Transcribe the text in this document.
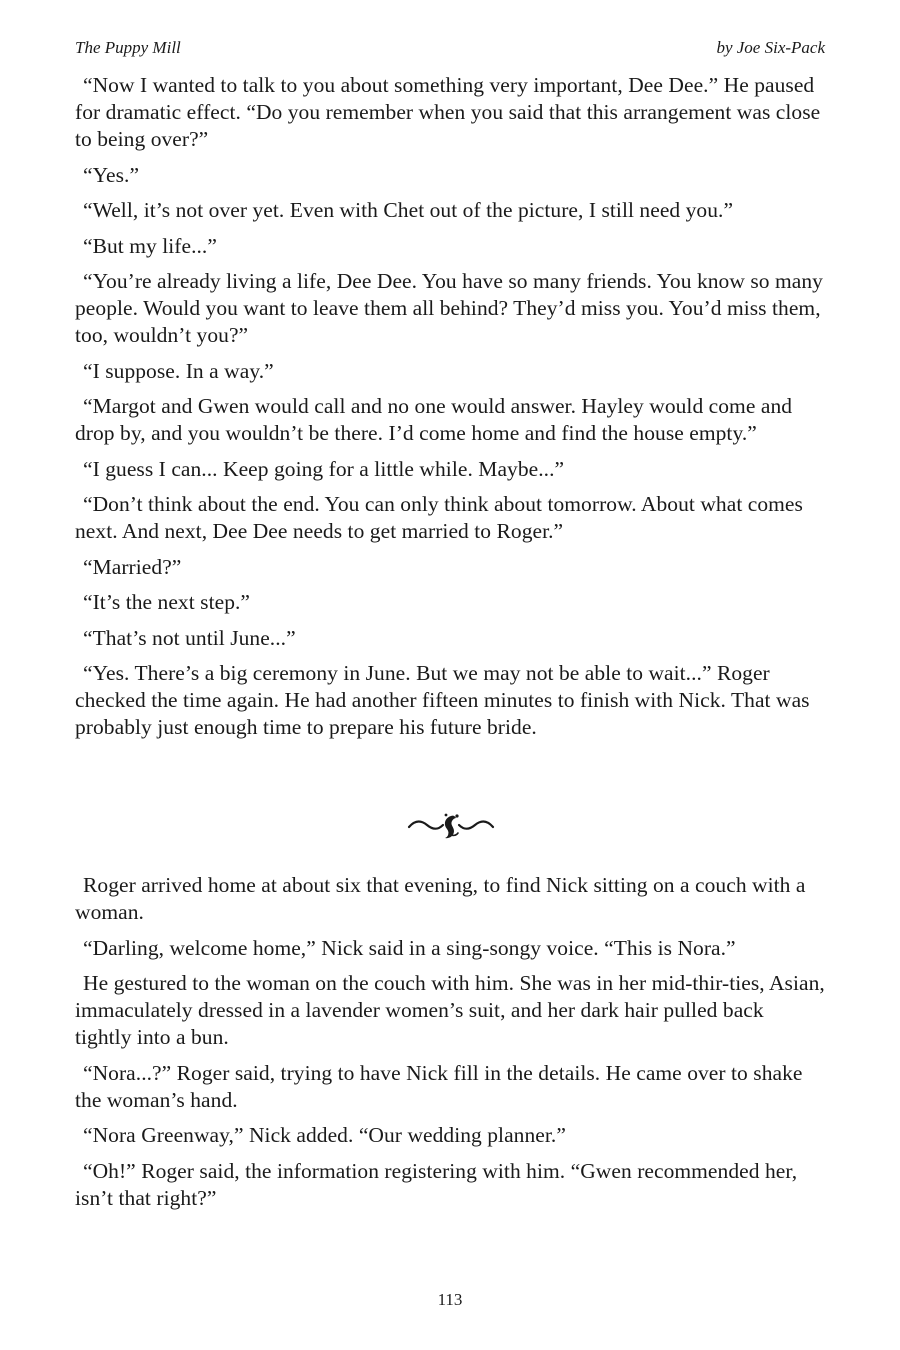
The Puppy Mill	by Joe Six-Pack

“Now I wanted to talk to you about something very important, Dee Dee.” He paused for dramatic effect. “Do you remember when you said that this arrangement was close to being over?”

“Yes.”

“Well, it’s not over yet. Even with Chet out of the picture, I still need you.”

“But my life...”

“You’re already living a life, Dee Dee. You have so many friends. You know so many people. Would you want to leave them all behind? They’d miss you. You’d miss them, too, wouldn’t you?”

“I suppose. In a way.”

“Margot and Gwen would call and no one would answer. Hayley would come and drop by, and you wouldn’t be there. I’d come home and find the house empty.”

“I guess I can... Keep going for a little while. Maybe...”

“Don’t think about the end. You can only think about tomorrow. About what comes next. And next, Dee Dee needs to get married to Roger.”

“Married?”

“It’s the next step.”

“That’s not until June...”

“Yes. There’s a big ceremony in June. But we may not be able to wait...” Roger checked the time again. He had another fifteen minutes to finish with Nick. That was probably just enough time to prepare his future bride.

Roger arrived home at about six that evening, to find Nick sitting on a couch with a woman.

“Darling, welcome home,” Nick said in a sing-songy voice. “This is Nora.”

He gestured to the woman on the couch with him. She was in her mid-thir-ties, Asian, immaculately dressed in a lavender women’s suit, and her dark hair pulled back tightly into a bun.

“Nora...?” Roger said, trying to have Nick fill in the details. He came over to shake the woman’s hand.

“Nora Greenway,” Nick added. “Our wedding planner.”

“Oh!” Roger said, the information registering with him. “Gwen recommended her, isn’t that right?”

113
